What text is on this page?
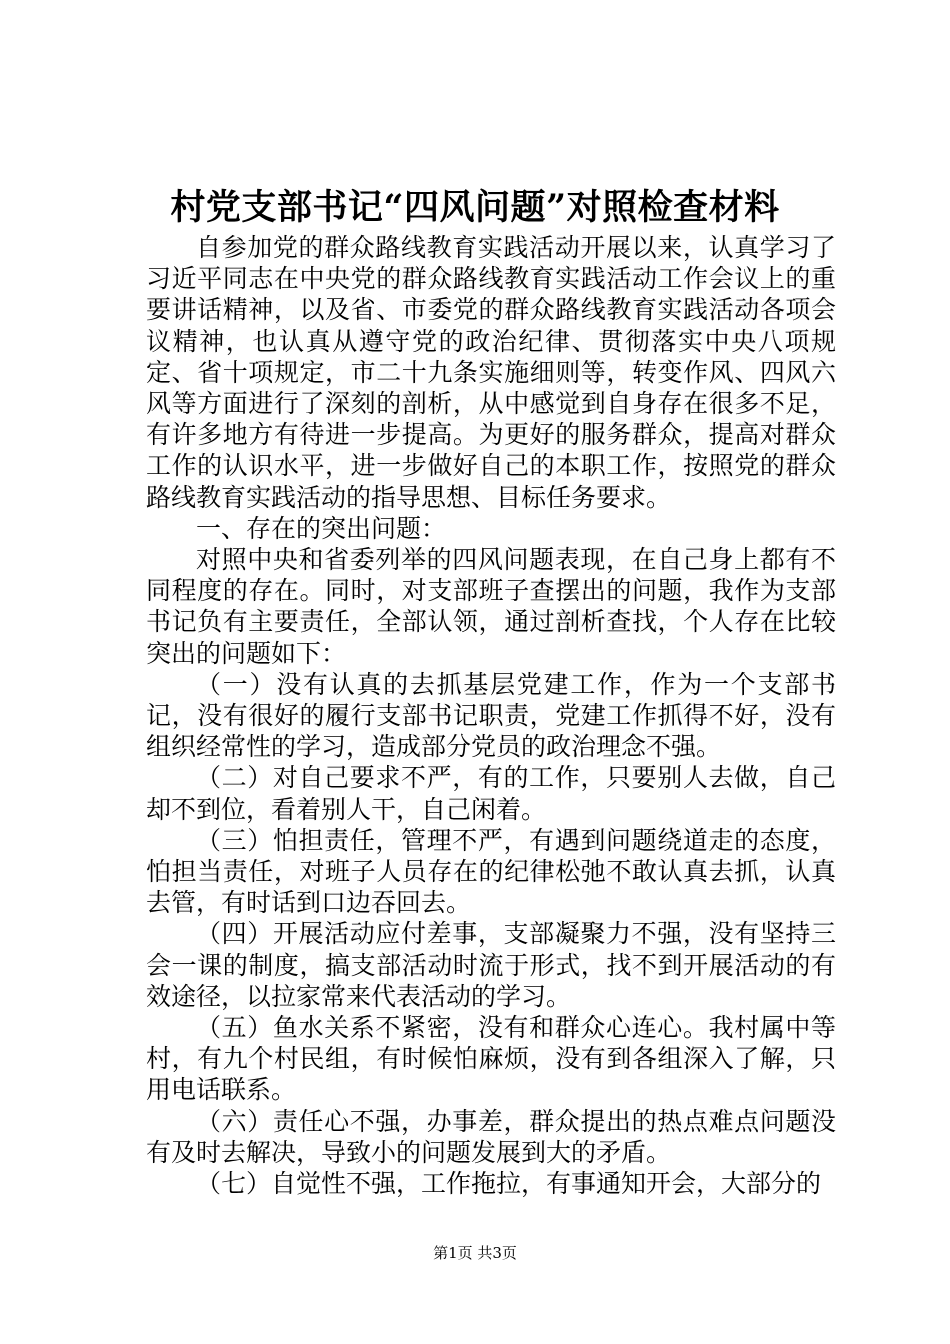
村党支部书记“四风问题”对照检查材料

自参加党的群众路线教育实践活动开展以来，认真学习了习近平同志在中央党的群众路线教育实践活动工作会议上的重要讲话精神，以及省、市委党的群众路线教育实践活动各项会议精神，也认真从遵守党的政治纪律、贯彻落实中央八项规定、省十项规定，市二十九条实施细则等，转变作风、四风六风等方面进行了深刻的剖析，从中感觉到自身存在很多不足，有许多地方有待进一步提高。为更好的服务群众，提高对群众工作的认识水平，进一步做好自己的本职工作，按照党的群众路线教育实践活动的指导思想、目标任务要求。

一、存在的突出问题：

对照中央和省委列举的四风问题表现，在自己身上都有不同程度的存在。同时，对支部班子查摆出的问题，我作为支部书记负有主要责任，全部认领，通过剖析查找，个人存在比较突出的问题如下：

（一）没有认真的去抓基层党建工作，作为一个支部书记，没有很好的履行支部书记职责，党建工作抓得不好，没有组织经常性的学习，造成部分党员的政治理念不强。

（二）对自己要求不严，有的工作，只要别人去做，自己却不到位，看着别人干，自己闲着。

（三）怕担责任，管理不严，有遇到问题绕道走的态度，怕担当责任，对班子人员存在的纪律松弛不敢认真去抓，认真去管，有时话到口边吞回去。

（四）开展活动应付差事，支部凝聚力不强，没有坚持三会一课的制度，搞支部活动时流于形式，找不到开展活动的有效途径，以拉家常来代表活动的学习。

（五）鱼水关系不紧密，没有和群众心连心。我村属中等村，有九个村民组，有时候怕麻烦，没有到各组深入了解，只用电话联系。

（六）责任心不强，办事差，群众提出的热点难点问题没有及时去解决，导致小的问题发展到大的矛盾。

（七）自觉性不强，工作拖拉，有事通知开会，大部分的

第1页 共3页
